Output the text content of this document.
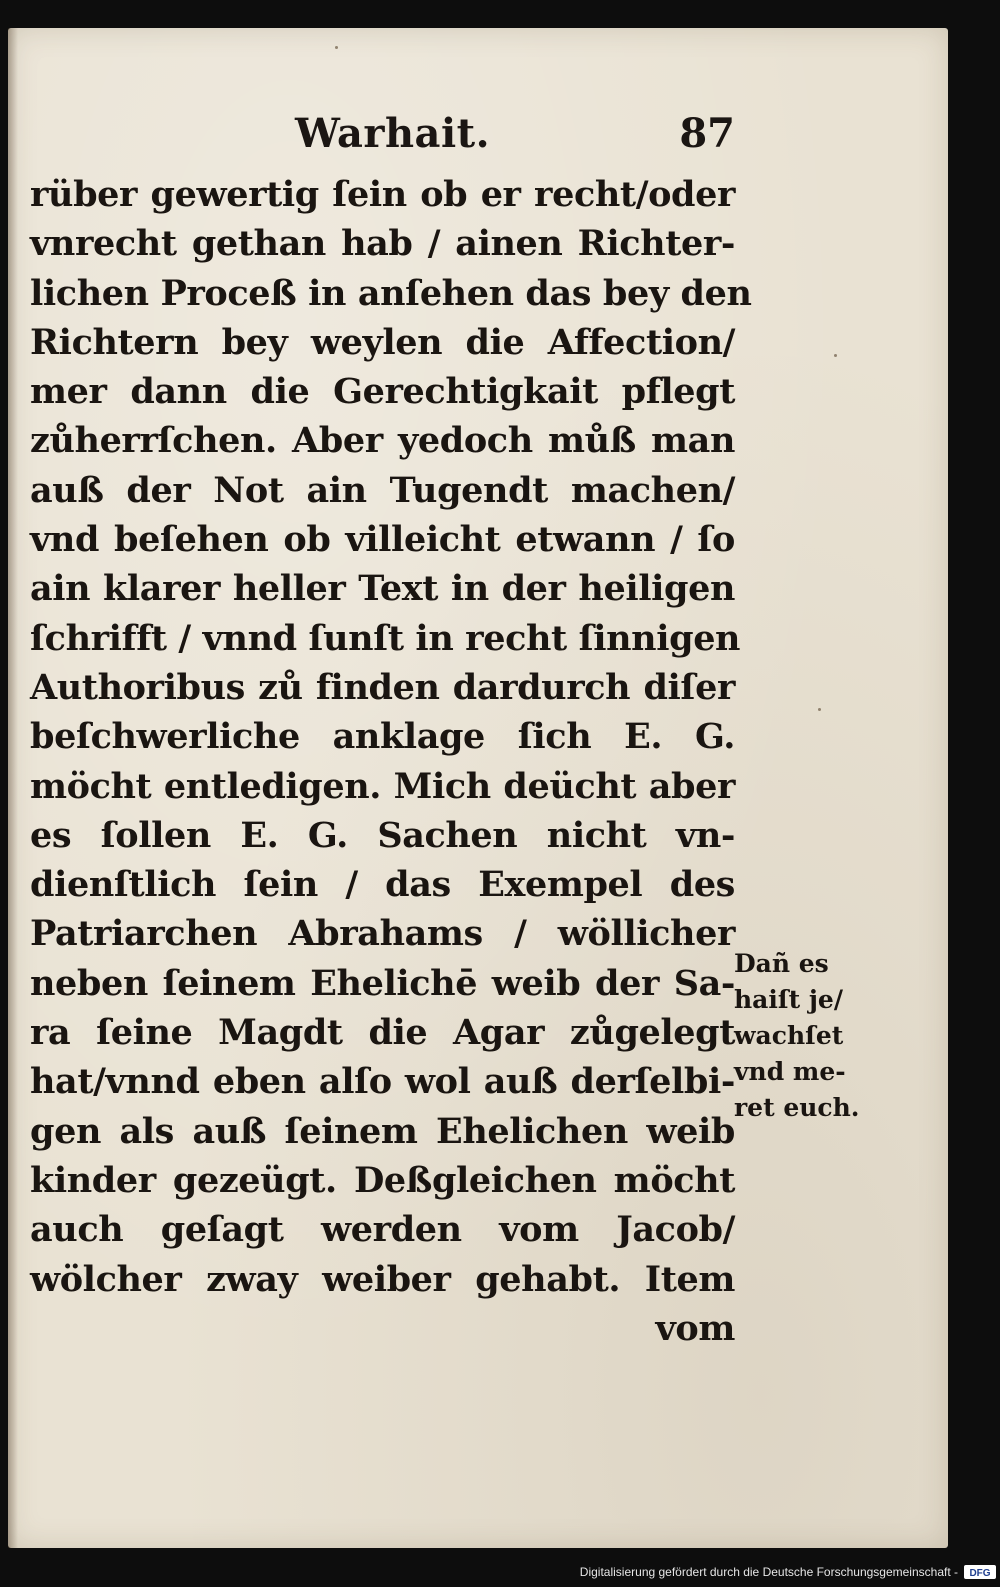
Warhait.	87
rüber gewertig ſein ob er recht/oder
vnrecht gethan hab / ainen Richter-
lichen Proceß in anſehen das bey den
Richtern bey weylen die Affection/
mer dann die Gerechtigkait pflegt
zůherrſchen. Aber yedoch můß man
auß der Not ain Tugendt machen/
vnd beſehen ob villeicht etwann / ſo
ain klarer heller Text in der heiligen
ſchrifft / vnnd ſunſt in recht ſinnigen
Authoribus zů finden dardurch diſer
beſchwerliche anklage ſich E. G.
möcht entledigen. Mich deücht aber
es ſollen E. G. Sachen nicht vn-
dienſtlich ſein / das Exempel des
Patriarchen Abrahams / wöllicher
neben ſeinem Ehelichē weib der Sa-
ra ſeine Magdt die Agar zůgelegt
hat/vnnd eben alſo wol auß derſelbi-
gen als auß ſeinem Ehelichen weib
kinder gezeügt. Deßgleichen möcht
auch geſagt werden vom Jacob/
wölcher zway weiber gehabt. Item
vom
Dañ es
haiſt je/
wachſet
vnd me-
ret euch.
Digitalisierung gefördert durch die Deutsche Forschungsgemeinschaft - DFG
